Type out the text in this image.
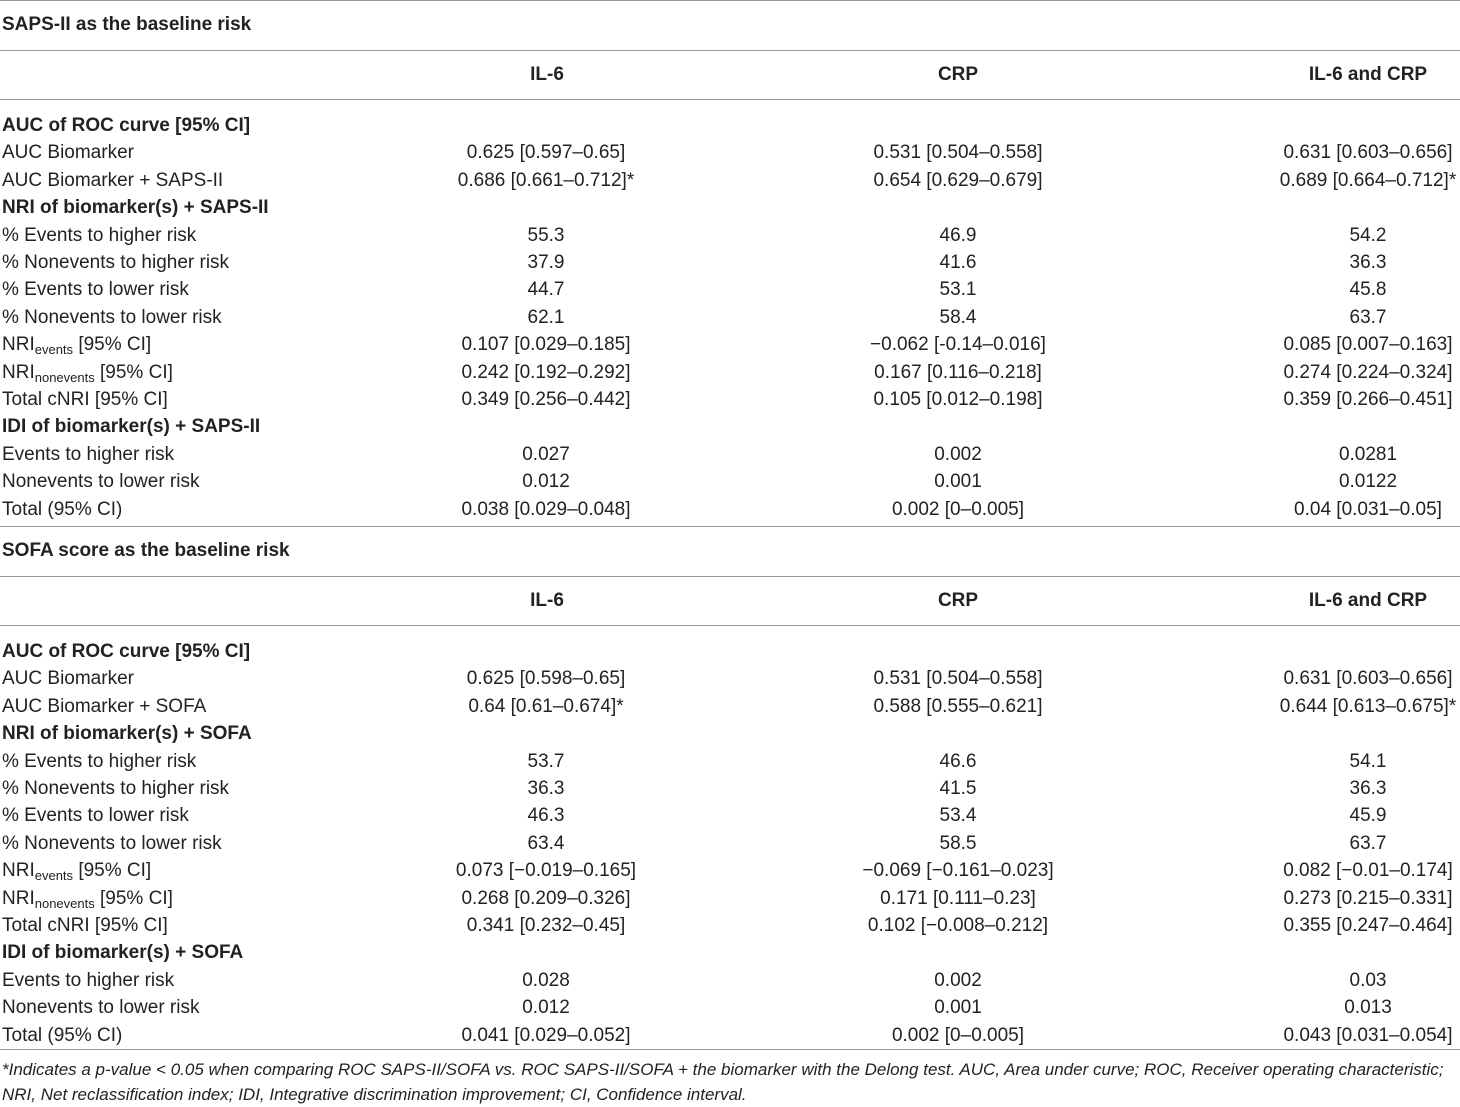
*Indicates a p-value < 0.05 when comparing ROC SAPS-II/SOFA vs. ROC SAPS-II/SOFA + the biomarker with the Delong test. AUC, Area under curve; ROC, Receiver operating characteristic; NRI, Net reclassification index; IDI, Integrative discrimination improvement; CI, Confidence interval.
SAPS-II as the baseline risk
IL-6	CRP	IL-6 and CRP
AUC of ROC curve [95% CI]
AUC Biomarker	0.625 [0.597–0.65]	0.531 [0.504–0.558]	0.631 [0.603–0.656]
AUC Biomarker + SAPS-II	0.686 [0.661–0.712]*	0.654 [0.629–0.679]	0.689 [0.664–0.712]*
NRI of biomarker(s) + SAPS-II
% Events to higher risk	55.3	46.9	54.2
% Nonevents to higher risk	37.9	41.6	36.3
% Events to lower risk	44.7	53.1	45.8
% Nonevents to lower risk	62.1	58.4	63.7
$NRI_{events}$ [95% CI]	0.107 [0.029–0.185]	−0.062 [-0.14–0.016]	0.085 [0.007–0.163]
$NRI_{nonevents}$ [95% CI]	0.242 [0.192–0.292]	0.167 [0.116–0.218]	0.274 [0.224–0.324]
Total cNRI [95% CI]	0.349 [0.256–0.442]	0.105 [0.012–0.198]	0.359 [0.266–0.451]
IDI of biomarker(s) + SAPS-II
Events to higher risk	0.027	0.002	0.0281
Nonevents to lower risk	0.012	0.001	0.0122
Total (95% CI)	0.038 [0.029–0.048]	0.002 [0–0.005]	0.04 [0.031–0.05]
SOFA score as the baseline risk
IL-6	CRP	IL-6 and CRP
AUC of ROC curve [95% CI]
AUC Biomarker	0.625 [0.598–0.65]	0.531 [0.504–0.558]	0.631 [0.603–0.656]
AUC Biomarker + SOFA	0.64 [0.61–0.674]*	0.588 [0.555–0.621]	0.644 [0.613–0.675]*
NRI of biomarker(s) + SOFA
% Events to higher risk	53.7	46.6	54.1
% Nonevents to higher risk	36.3	41.5	36.3
% Events to lower risk	46.3	53.4	45.9
% Nonevents to lower risk	63.4	58.5	63.7
$NRI_{events}$ [95% CI]	0.073 [−0.019–0.165]	−0.069 [−0.161–0.023]	0.082 [−0.01–0.174]
$NRI_{nonevents}$ [95% CI]	0.268 [0.209–0.326]	0.171 [0.111–0.23]	0.273 [0.215–0.331]
Total cNRI [95% CI]	0.341 [0.232–0.45]	0.102 [−0.008–0.212]	0.355 [0.247–0.464]
IDI of biomarker(s) + SOFA
Events to higher risk	0.028	0.002	0.03
Nonevents to lower risk	0.012	0.001	0.013
Total (95% CI)	0.041 [0.029–0.052]	0.002 [0–0.005]	0.043 [0.031–0.054]
